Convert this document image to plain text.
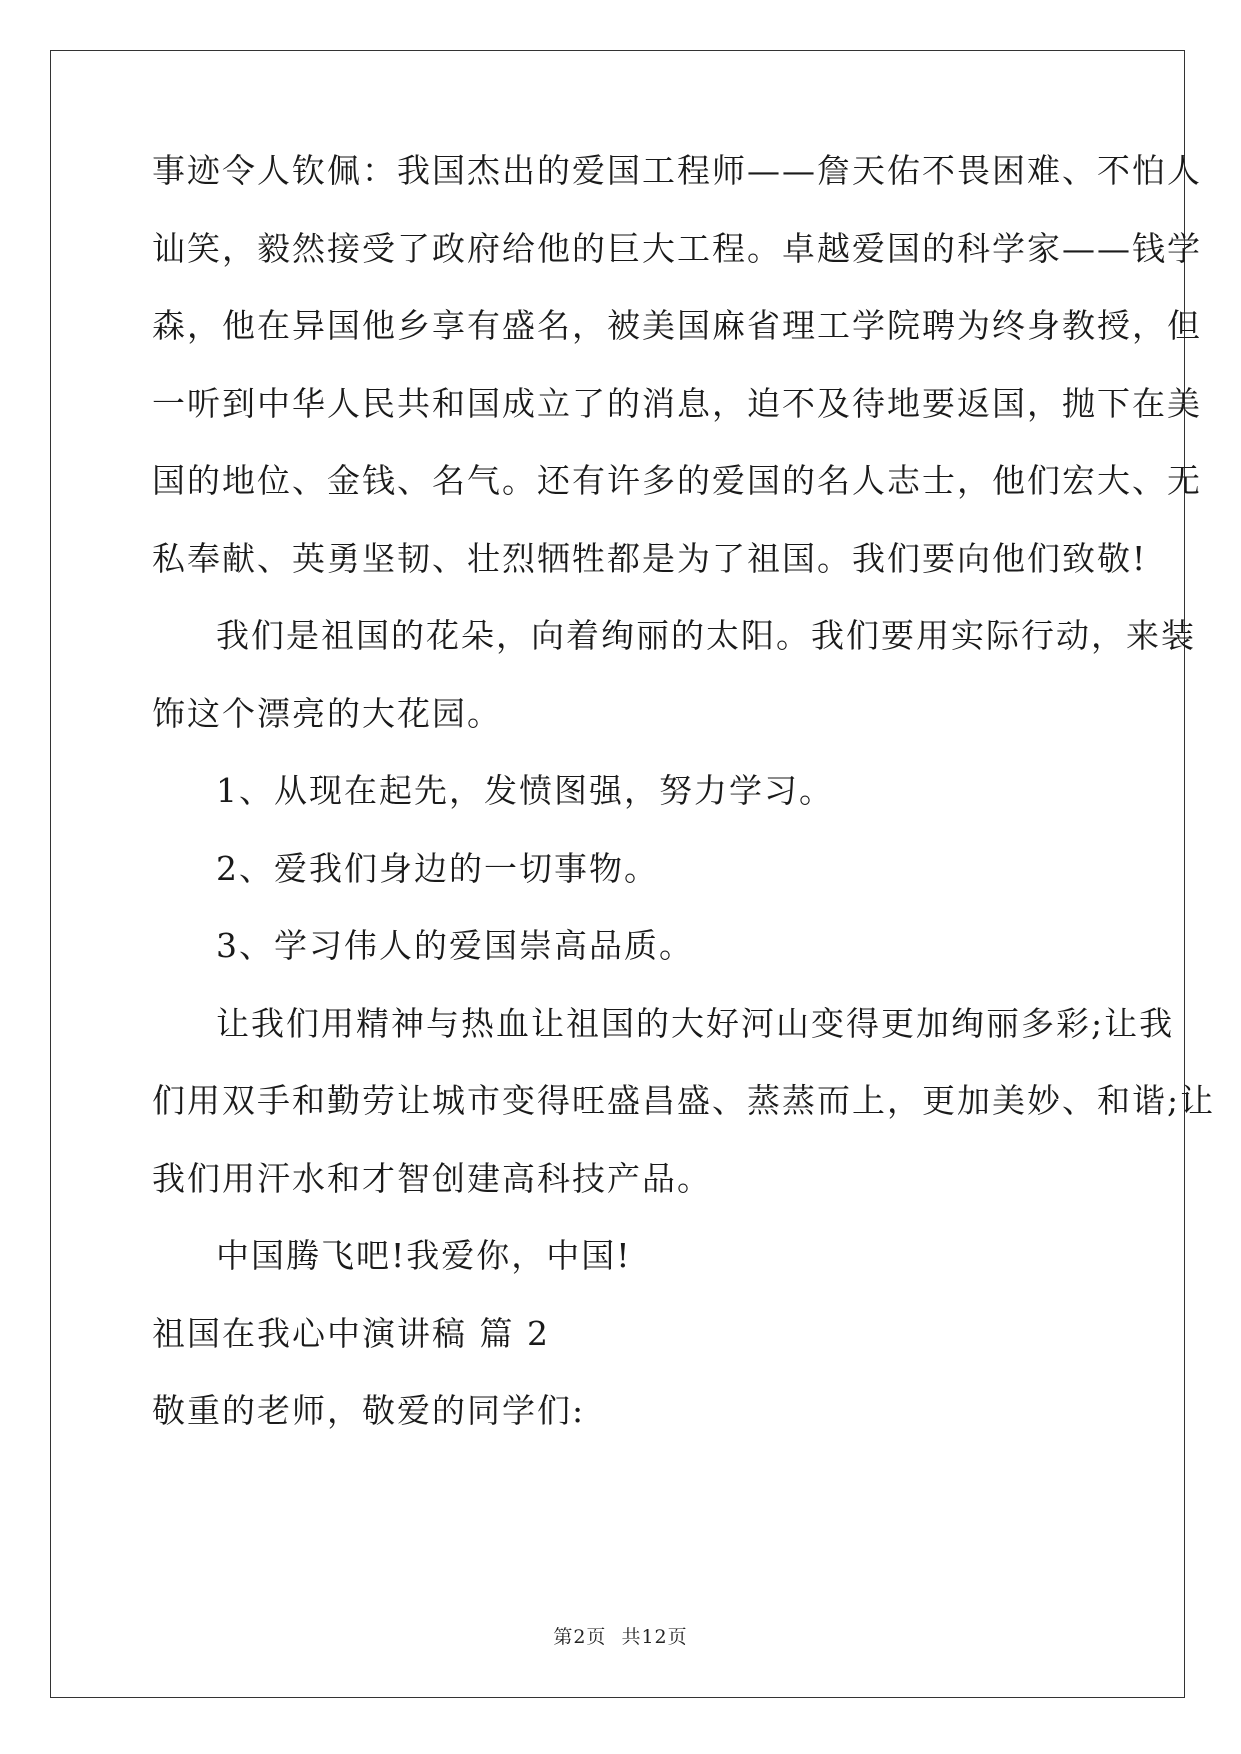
事迹令人钦佩：我国杰出的爱国工程师——詹天佑不畏困难、不怕人

讪笑，毅然接受了政府给他的巨大工程。卓越爱国的科学家——钱学

森，他在异国他乡享有盛名，被美国麻省理工学院聘为终身教授，但

一听到中华人民共和国成立了的消息，迫不及待地要返国，抛下在美

国的地位、金钱、名气。还有许多的爱国的名人志士，他们宏大、无

私奉献、英勇坚韧、壮烈牺牲都是为了祖国。我们要向他们致敬!

我们是祖国的花朵，向着绚丽的太阳。我们要用实际行动，来装

饰这个漂亮的大花园。

1、从现在起先，发愤图强，努力学习。

2、爱我们身边的一切事物。

3、学习伟人的爱国崇高品质。

让我们用精神与热血让祖国的大好河山变得更加绚丽多彩;让我

们用双手和勤劳让城市变得旺盛昌盛、蒸蒸而上，更加美妙、和谐;让

我们用汗水和才智创建高科技产品。

中国腾飞吧!我爱你，中国!

祖国在我心中演讲稿 篇 2

敬重的老师，敬爱的同学们:

第2页 共12页
